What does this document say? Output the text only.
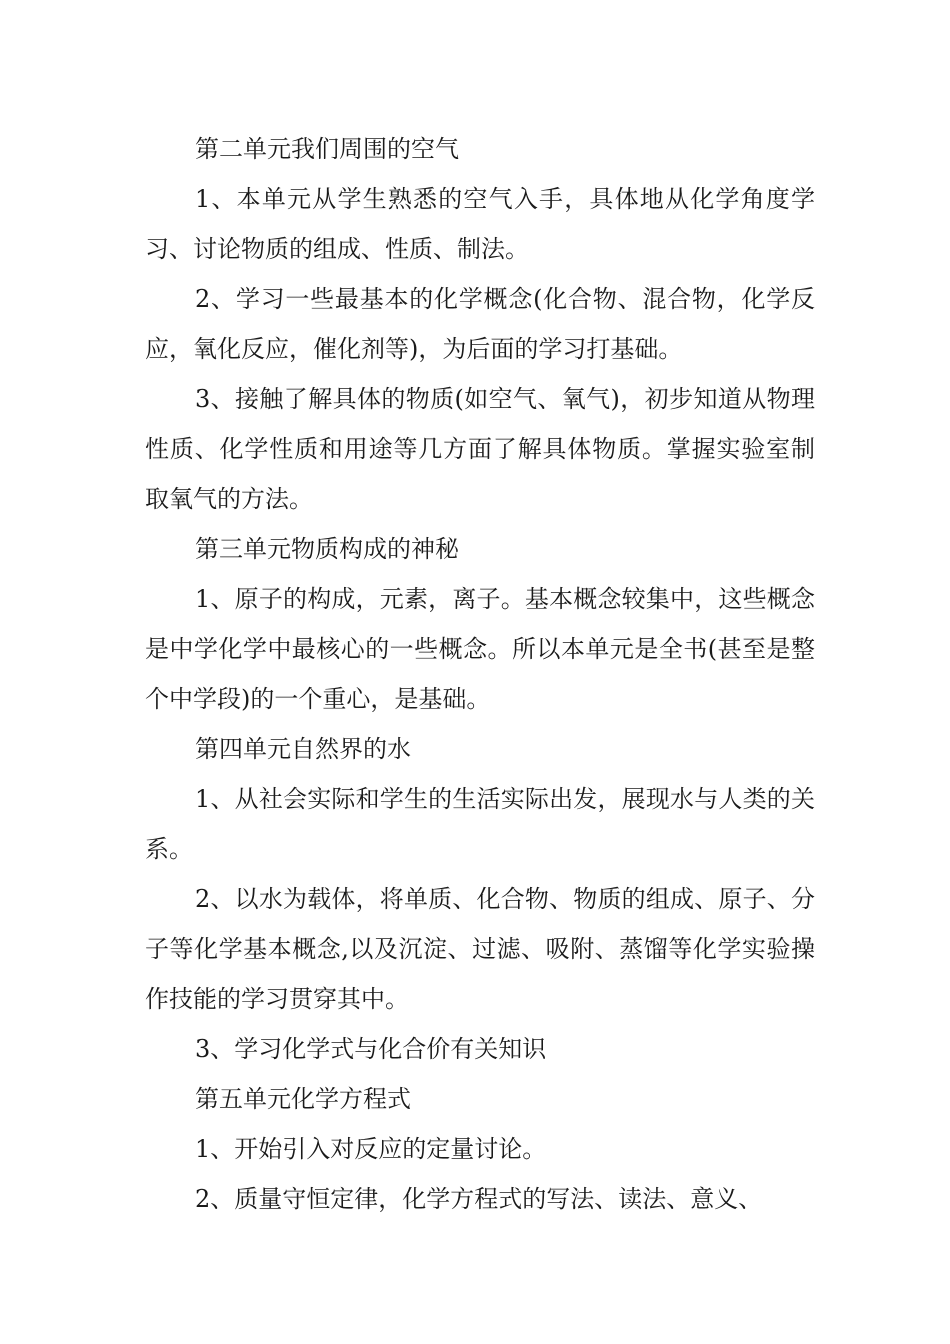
第二单元我们周围的空气

1、本单元从学生熟悉的空气入手，具体地从化学角度学习、讨论物质的组成、性质、制法。

2、学习一些最基本的化学概念(化合物、混合物，化学反应，氧化反应，催化剂等)，为后面的学习打基础。

3、接触了解具体的物质(如空气、氧气)，初步知道从物理性质、化学性质和用途等几方面了解具体物质。掌握实验室制取氧气的方法。

第三单元物质构成的神秘

1、原子的构成，元素，离子。基本概念较集中，这些概念是中学化学中最核心的一些概念。所以本单元是全书(甚至是整个中学段)的一个重心，是基础。

第四单元自然界的水

1、从社会实际和学生的生活实际出发，展现水与人类的关系。

2、以水为载体，将单质、化合物、物质的组成、原子、分子等化学基本概念,以及沉淀、过滤、吸附、蒸馏等化学实验操作技能的学习贯穿其中。

3、学习化学式与化合价有关知识

第五单元化学方程式

1、开始引入对反应的定量讨论。

2、质量守恒定律，化学方程式的写法、读法、意义、
